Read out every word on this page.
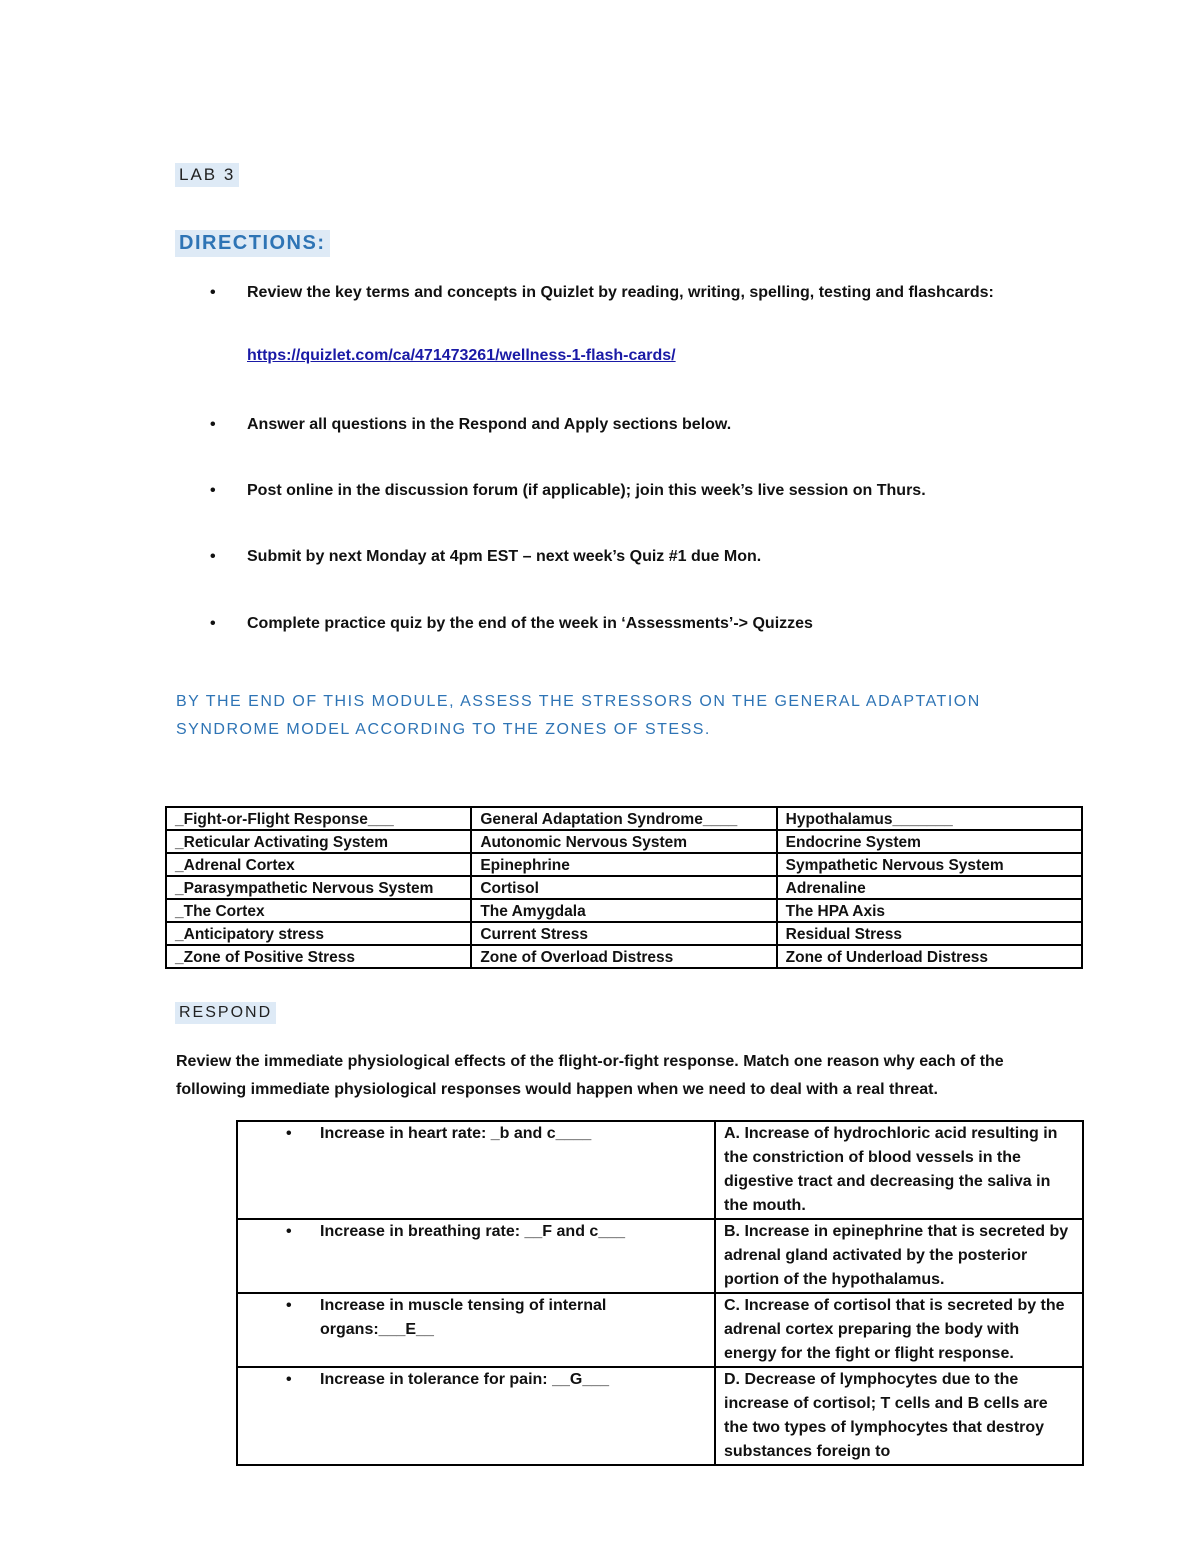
LAB 3
DIRECTIONS:
• Review the key terms and concepts in Quizlet by reading, writing, spelling, testing and flashcards:
• Answer all questions in the Respond and Apply sections below.
• Post online in the discussion forum (if applicable); join this week’s live session on Thurs.
• Submit by next Monday at 4pm EST – next week’s Quiz #1 due Mon.
• Complete practice quiz by the end of the week in ‘Assessments’-> Quizzes
https://quizlet.com/ca/471473261/wellness-1-flash-cards/
BY THE END OF THIS MODULE, ASSESS THE STRESSORS ON THE GENERAL ADAPTATION SYNDROME MODEL ACCORDING TO THE ZONES OF STESS.
_Fight-or-Flight Response___	General Adaptation Syndrome____	Hypothalamus_______
_Reticular Activating System	Autonomic Nervous System	Endocrine System
_Adrenal Cortex	Epinephrine	Sympathetic Nervous System
_Parasympathetic Nervous System	Cortisol	Adrenaline
_The Cortex	The Amygdala	The HPA Axis
_Anticipatory stress	Current Stress	Residual Stress
_Zone of Positive Stress	Zone of Overload Distress	Zone of Underload Distress
RESPOND
Review the immediate physiological effects of the flight-or-fight response. Match one reason why each of the following immediate physiological responses would happen when we need to deal with a real threat.
• Increase in heart rate: _b and c____	A. Increase of hydrochloric acid resulting in the constriction of blood vessels in the digestive tract and decreasing the saliva in the mouth.

• Increase in breathing rate: __F and c___	B. Increase in epinephrine that is secreted by adrenal gland activated by the posterior portion of the hypothalamus.

• Increase in muscle tensing of internal organs:___E__	C. Increase of cortisol that is secreted by the adrenal cortex preparing the body with energy for the fight or flight response.

• Increase in tolerance for pain: __G___	D. Decrease of lymphocytes due to the increase of cortisol; T cells and B cells are the two types of lymphocytes that destroy substances foreign to
